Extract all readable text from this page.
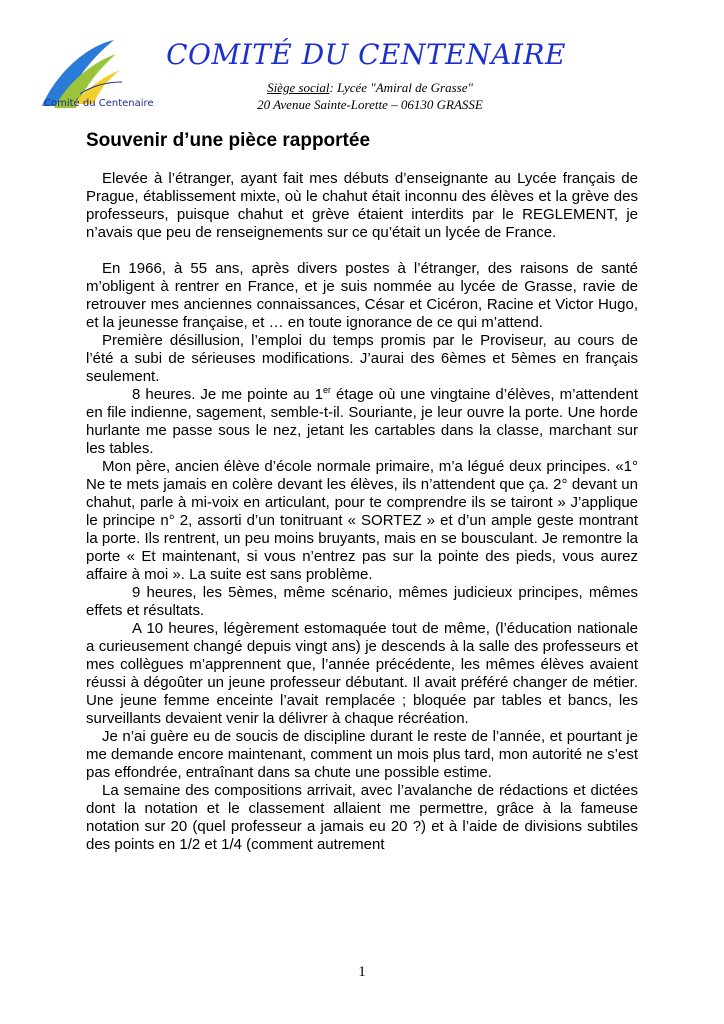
Comité du Centenaire
COMITÉ DU CENTENAIRE
Siège social: Lycée "Amiral de Grasse"
20 Avenue Sainte-Lorette – 06130 GRASSE
Souvenir d’une pièce rapportée

Elevée à l’étranger, ayant fait mes débuts d’enseignante au Lycée français de Prague, établissement mixte, où le chahut était inconnu des élèves et la grève des professeurs, puisque chahut et grève étaient interdits par le REGLEMENT, je n’avais que peu de renseignements sur ce qu’était un lycée de France.

En 1966, à 55 ans, après divers postes à l’étranger, des raisons de santé m’obligent à rentrer en France, et je suis nommée au lycée de Grasse, ravie de retrouver mes anciennes connaissances, César et Cicéron, Racine et Victor Hugo, et la jeunesse française, et … en toute ignorance de ce qui m’attend.

Première désillusion, l’emploi du temps promis par le Proviseur, au cours de l’été a subi de sérieuses modifications. J’aurai des 6èmes et 5èmes en français seulement.

8 heures. Je me pointe au 1er étage où une vingtaine d’élèves, m’attendent en file indienne, sagement, semble-t-il. Souriante, je leur ouvre la porte. Une horde hurlante me passe sous le nez, jetant les cartables dans la classe, marchant sur les tables.

Mon père, ancien élève d’école normale primaire, m’a légué deux principes. «1° Ne te mets jamais en colère devant les élèves, ils n’attendent que ça. 2° devant un chahut, parle à mi-voix en articulant, pour te comprendre ils se tairont » J’applique le principe n° 2, assorti d’un tonitruant « SORTEZ » et d’un ample geste montrant la porte. Ils rentrent, un peu moins bruyants, mais en se bousculant. Je remontre la porte « Et maintenant, si vous n’entrez pas sur la pointe des pieds, vous aurez affaire à moi ». La suite est sans problème.

9 heures, les 5èmes, même scénario, mêmes judicieux principes, mêmes effets et résultats.

A 10 heures, légèrement estomaquée tout de même, (l’éducation nationale a curieusement changé depuis vingt ans) je descends à la salle des professeurs et mes collègues m’apprennent que, l’année précédente, les mêmes élèves avaient réussi à dégoûter un jeune professeur débutant. Il avait préféré changer de métier. Une jeune femme enceinte l’avait remplacée ; bloquée par tables et bancs, les surveillants devaient venir la délivrer à chaque récréation.

Je n’ai guère eu de soucis de discipline durant le reste de l’année, et pourtant je me demande encore maintenant, comment un mois plus tard, mon autorité ne s’est pas effondrée, entraînant dans sa chute une possible estime.

La semaine des compositions arrivait, avec l’avalanche de rédactions et dictées dont la notation et le classement allaient me permettre, grâce à la fameuse notation sur 20 (quel professeur a jamais eu 20 ?) et à l’aide de divisions subtiles des points en 1/2 et 1/4 (comment autrement

1
